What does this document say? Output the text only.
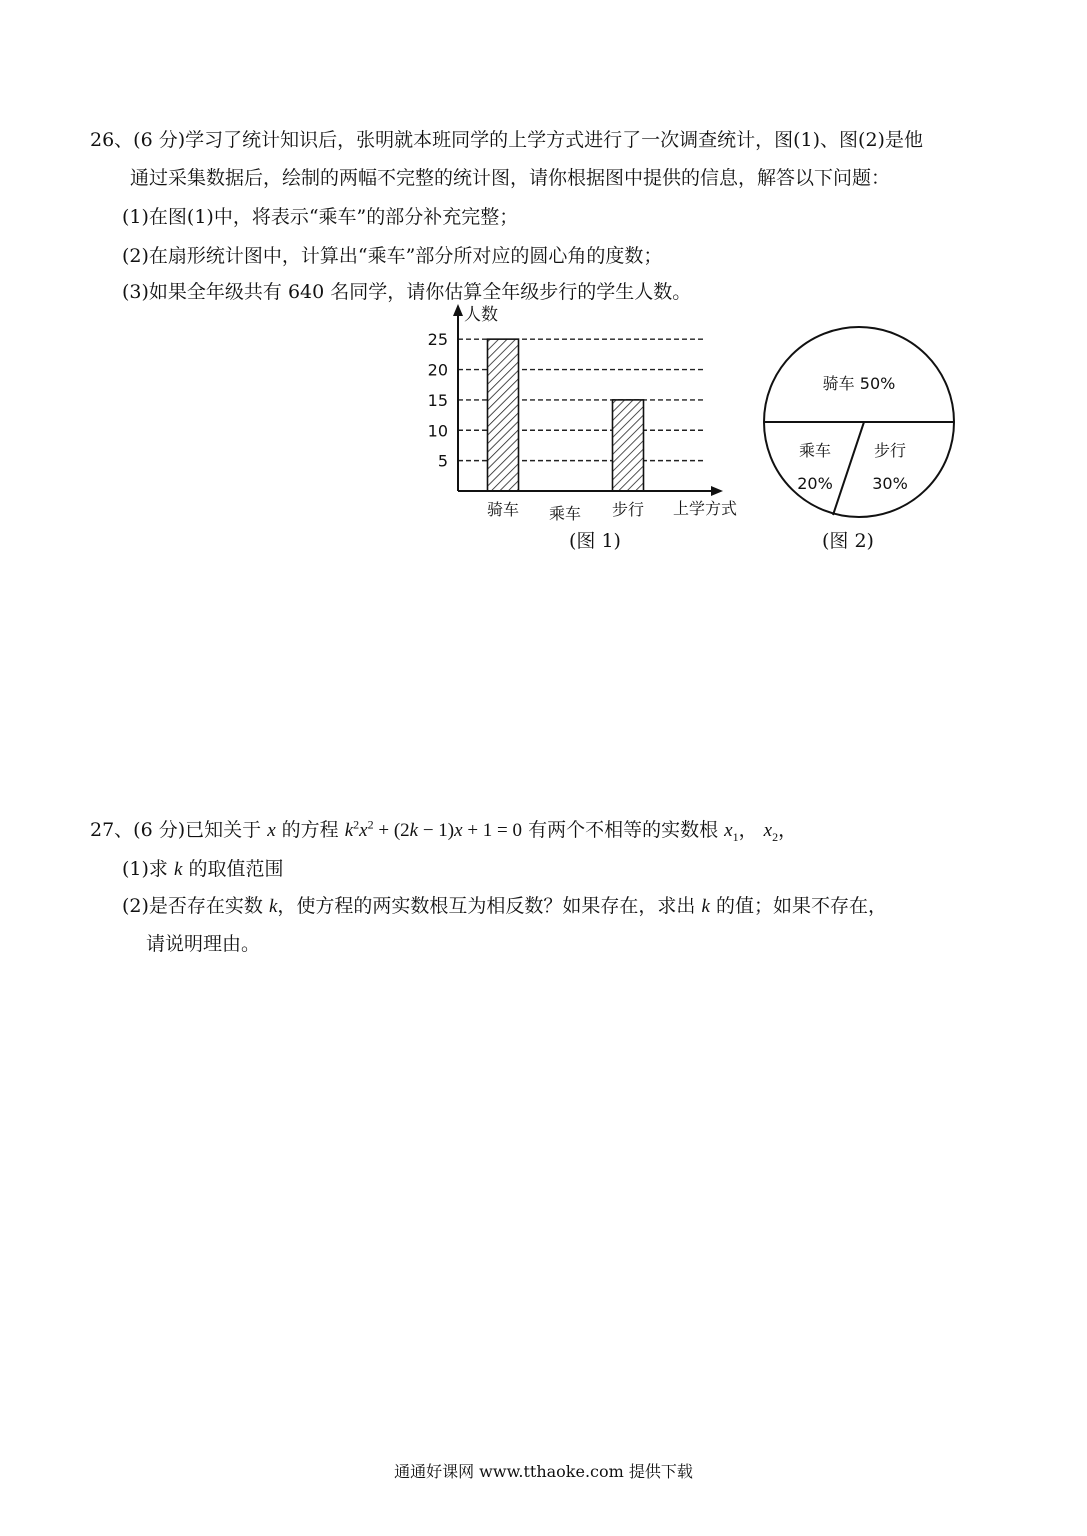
26、(6 分)学习了统计知识后，张明就本班同学的上学方式进行了一次调查统计，图(1)、图(2)是他
通过采集数据后，绘制的两幅不完整的统计图，请你根据图中提供的信息，解答以下问题：
(1)在图(1)中，将表示“乘车”的部分补充完整；
(2)在扇形统计图中，计算出“乘车”部分所对应的圆心角的度数；
(3)如果全年级共有 640 名同学，请你估算全年级步行的学生人数。
人数
上学方式
5
10
15
20
25
骑车 乘车 步行
(图 1)
骑车 50%
乘车
20%
步行
30%
(图 2)
27、(6 分)已知关于 x 的方程 $k^2x^2 + (2k - 1)x + 1 = 0$ 有两个不相等的实数根 $x_1$， $x_2$，
(1)求 k 的取值范围
(2)是否存在实数 k，使方程的两实数根互为相反数？如果存在，求出 k 的值；如果不存在，
请说明理由。
通通好课网 www.tthaoke.com 提供下载
